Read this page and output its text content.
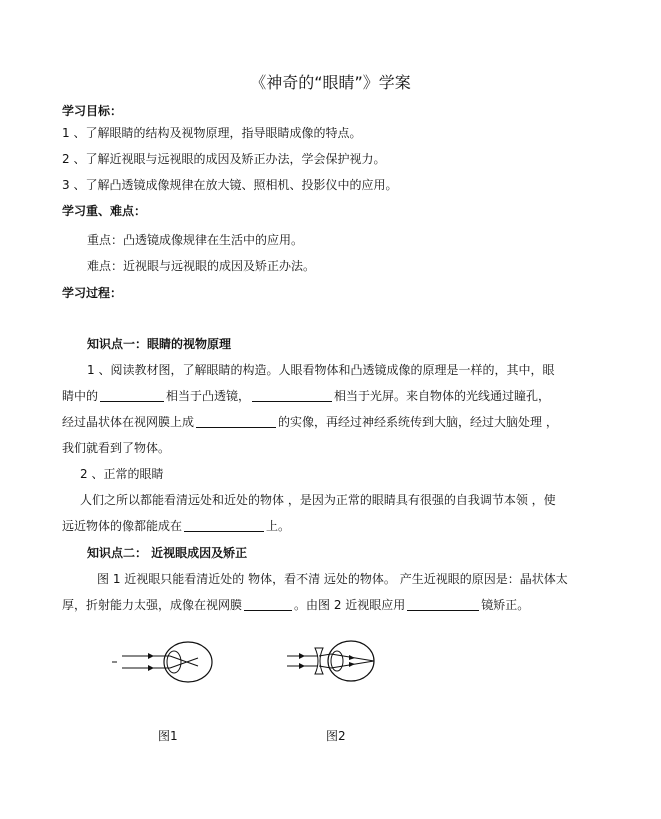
《神奇的“眼睛”》学案
学习目标：
1 、了解眼睛的结构及视物原理，指导眼睛成像的特点。
2 、了解近视眼与远视眼的成因及矫正办法，学会保护视力。
3 、了解凸透镜成像规律在放大镜、照相机、投影仪中的应用。
学习重、难点：
重点：凸透镜成像规律在生活中的应用。
难点：近视眼与远视眼的成因及矫正办法。
学习过程：
知识点一：眼睛的视物原理
1 、阅读教材图，了解眼睛的构造。人眼看物体和凸透镜成像的原理是一样的，其中，眼
睛中的	相当于凸透镜，	相当于光屏。来自物体的光线通过瞳孔，
经过晶状体在视网膜上成	的实像，再经过神经系统传到大脑，经过大脑处理 ，
我们就看到了物体。
2 、正常的眼睛
人们之所以都能看清远处和近处的物体 ，是因为正常的眼睛具有很强的自我调节本领 ，使
远近物体的像都能成在	上。
知识点二： 近视眼成因及矫正
图 1 近视眼只能看清近处的 物体，看不清 远处的物体。 产生近视眼的原因是：晶状体太
厚，折射能力太强，成像在视网膜	。由图 2 近视眼应用	镜矫正。
图1	图2
